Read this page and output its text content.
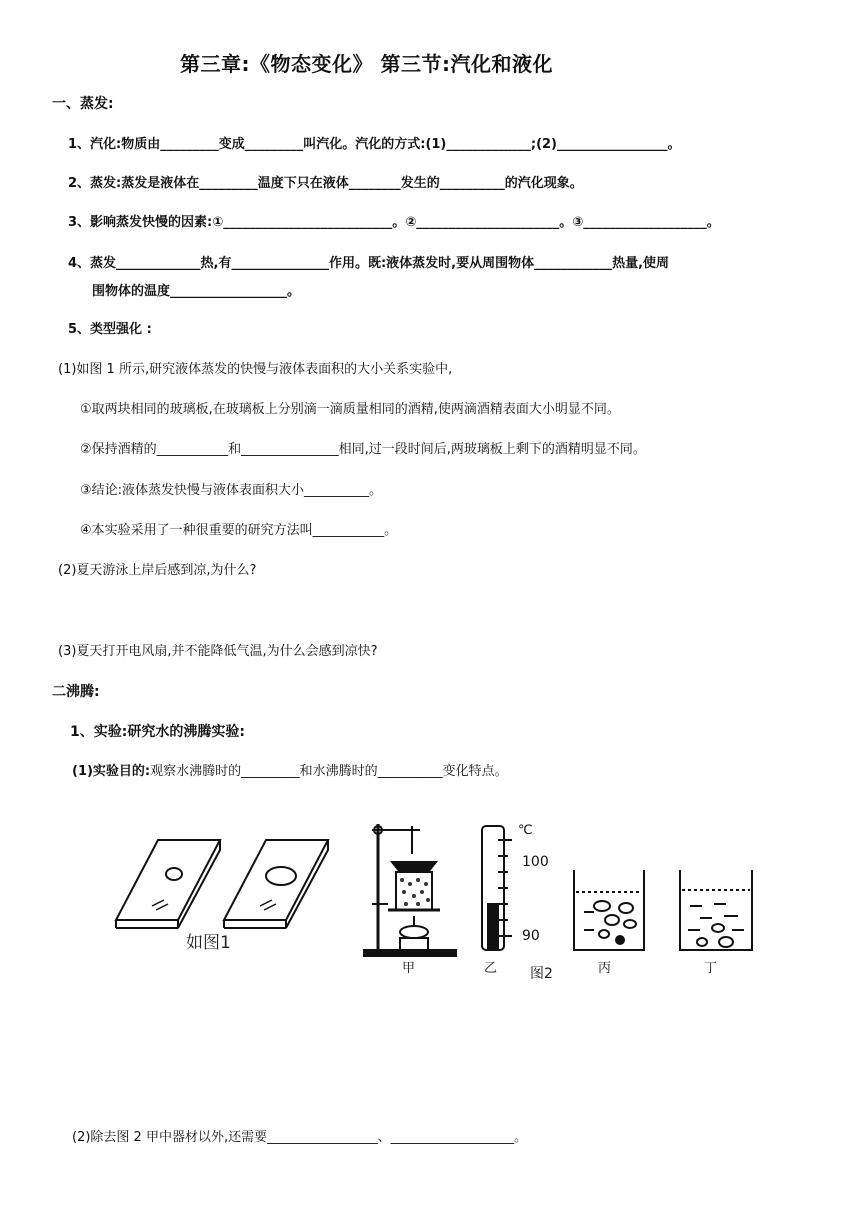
第三章:《物态变化》 第三节:汽化和液化
一、蒸发:
1、汽化:物质由_________变成_________叫汽化。汽化的方式:(1)_____________;(2)_________________。
2、蒸发:蒸发是液体在_________温度下只在液体________发生的__________的汽化现象。
3、影响蒸发快慢的因素:①__________________________。②______________________。③___________________。
4、蒸发_____________热,有_______________作用。既:液体蒸发时,要从周围物体____________热量,使周
围物体的温度__________________。
5、类型强化 :
(1)如图 1 所示,研究液体蒸发的快慢与液体表面积的大小关系实验中,
①取两块相同的玻璃板,在玻璃板上分别滴一滴质量相同的酒精,使两滴酒精表面大小明显不同。
②保持酒精的___________和_______________相同,过一段时间后,两玻璃板上剩下的酒精明显不同。
③结论:液体蒸发快慢与液体表面积大小__________。
④本实验采用了一种很重要的研究方法叫___________。
(2)夏天游泳上岸后感到凉,为什么?
(3)夏天打开电风扇,并不能降低气温,为什么会感到凉快?
二沸腾:
1、实验:研究水的沸腾实验:
(1)实验目的:观察水沸腾时的_________和水沸腾时的__________变化特点。
如图1
℃
100
90
甲	乙 图2	丙	丁
(2)除去图 2 甲中器材以外,还需要_________________、___________________。
